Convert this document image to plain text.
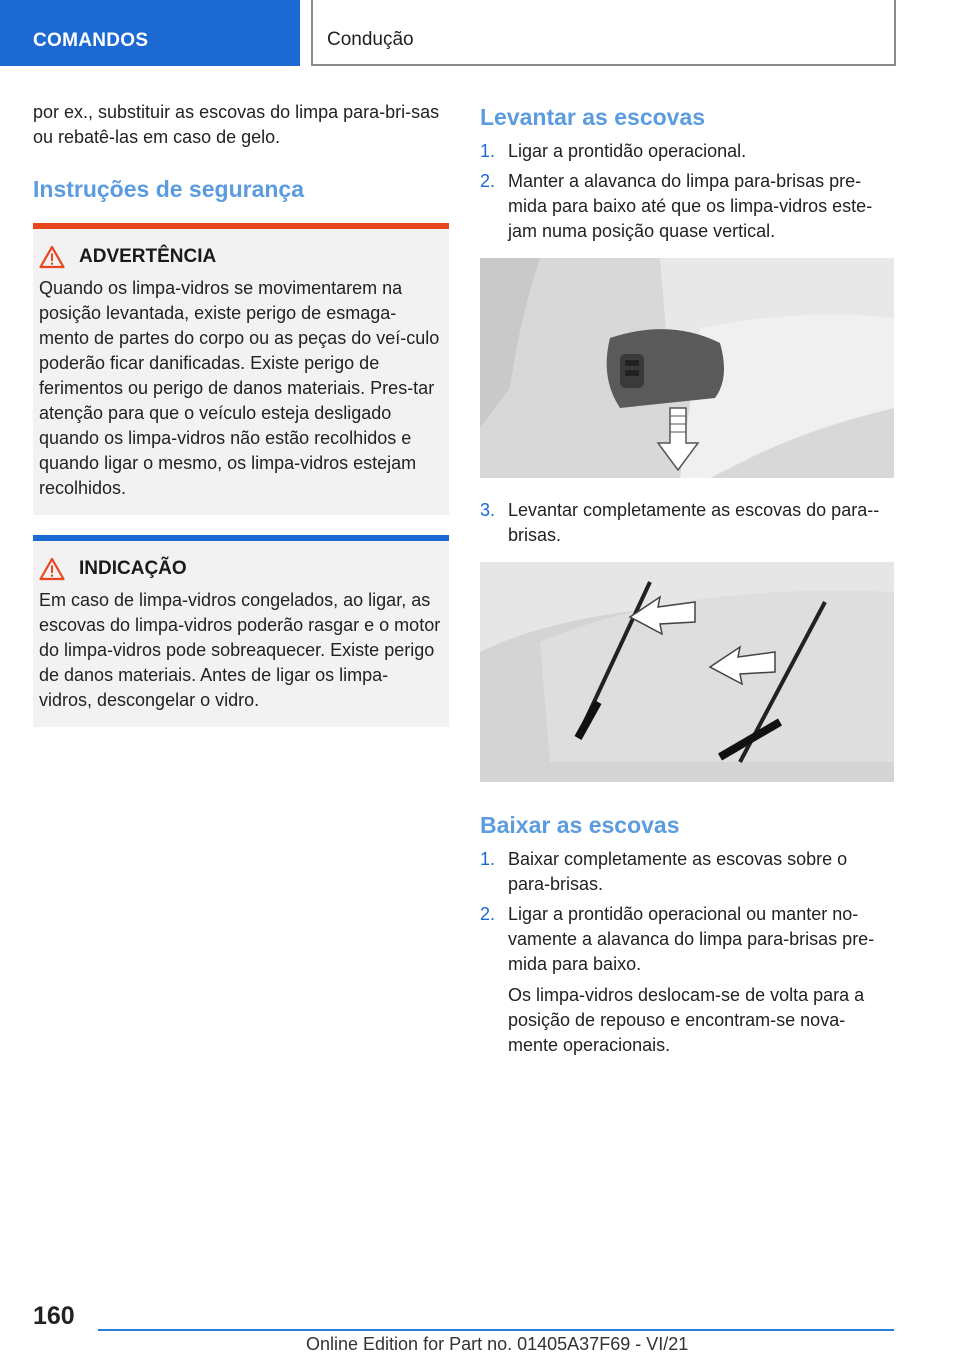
COMANDOS	Condução

por ex., substituir as escovas do limpa para-bri-sas ou rebatê-las em caso de gelo.

Instruções de segurança
ADVERTÊNCIA

Quando os limpa-vidros se movimentarem na posição levantada, existe perigo de esmaga-mento de partes do corpo ou as peças do veí-culo poderão ficar danificadas. Existe perigo de ferimentos ou perigo de danos materiais. Pres-tar atenção para que o veículo esteja desligado quando os limpa-vidros não estão recolhidos e quando ligar o mesmo, os limpa-vidros estejam recolhidos.

INDICAÇÃO

Em caso de limpa-vidros congelados, ao ligar, as escovas do limpa-vidros poderão rasgar e o motor do limpa-vidros pode sobreaquecer. Existe perigo de danos materiais. Antes de ligar os limpa-vidros, descongelar o vidro.

Levantar as escovas
1. Ligar a prontidão operacional.
2. Manter a alavanca do limpa para-brisas pre-mida para baixo até que os limpa-vidros este-jam numa posição quase vertical.
3. Levantar completamente as escovas do para--brisas.
Baixar as escovas
1. Baixar completamente as escovas sobre o para-brisas.
2. Ligar a prontidão operacional ou manter no-vamente a alavanca do limpa para-brisas pre-mida para baixo.

Os limpa-vidros deslocam-se de volta para a posição de repouso e encontram-se nova-mente operacionais.

160
Online Edition for Part no. 01405A37F69 - VI/21
